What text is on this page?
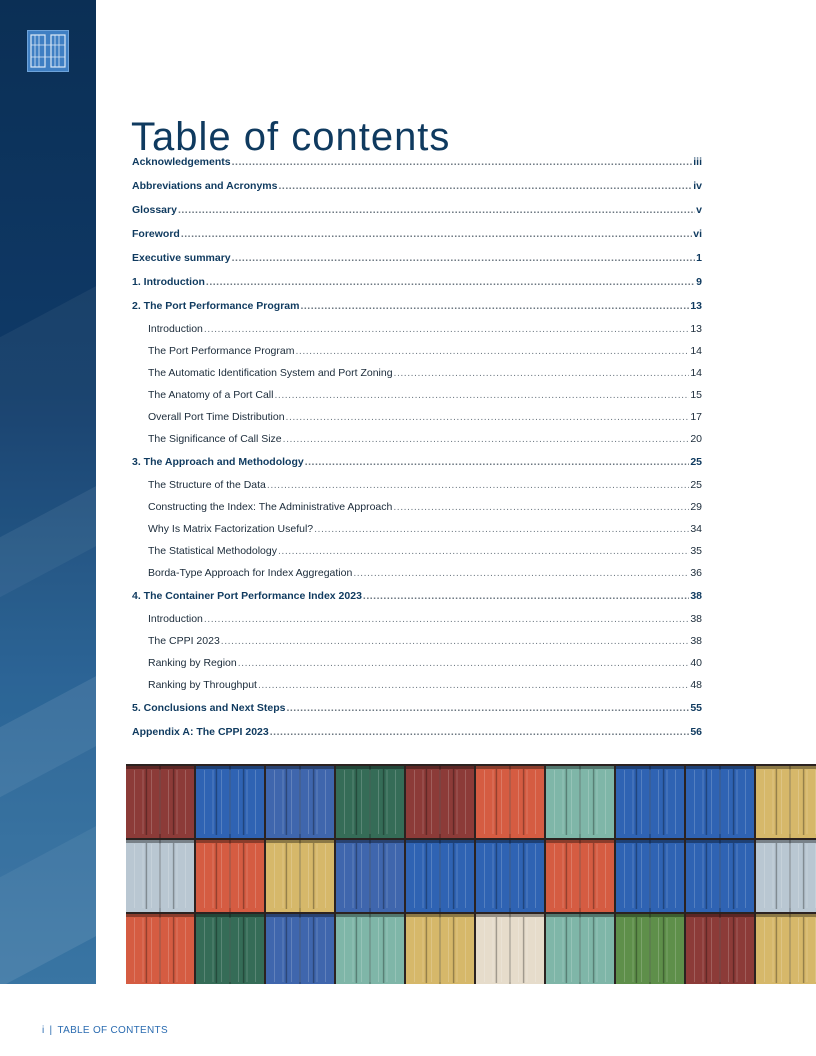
Table of contents
Acknowledgements .....	iii
Abbreviations and Acronyms .....	iv
Glossary .....	v
Foreword .....	vi
Executive summary .....	1
1. Introduction .....	9
2. The Port Performance Program .....	13
Introduction .....	13
The Port Performance Program .....	14
The Automatic Identification System and Port Zoning .....	14
The Anatomy of a Port Call .....	15
Overall Port Time Distribution .....	17
The Significance of Call Size .....	20
3. The Approach and Methodology .....	25
The Structure of the Data .....	25
Constructing the Index: The Administrative Approach .....	29
Why Is Matrix Factorization Useful? .....	34
The Statistical Methodology .....	35
Borda-Type Approach for Index Aggregation .....	36
4. The Container Port Performance Index 2023 .....	38
Introduction .....	38
The CPPI 2023 .....	38
Ranking by Region .....	40
Ranking by Throughput .....	48
5. Conclusions and Next Steps .....	55
Appendix A: The CPPI 2023 .....	56
i | TABLE OF CONTENTS
